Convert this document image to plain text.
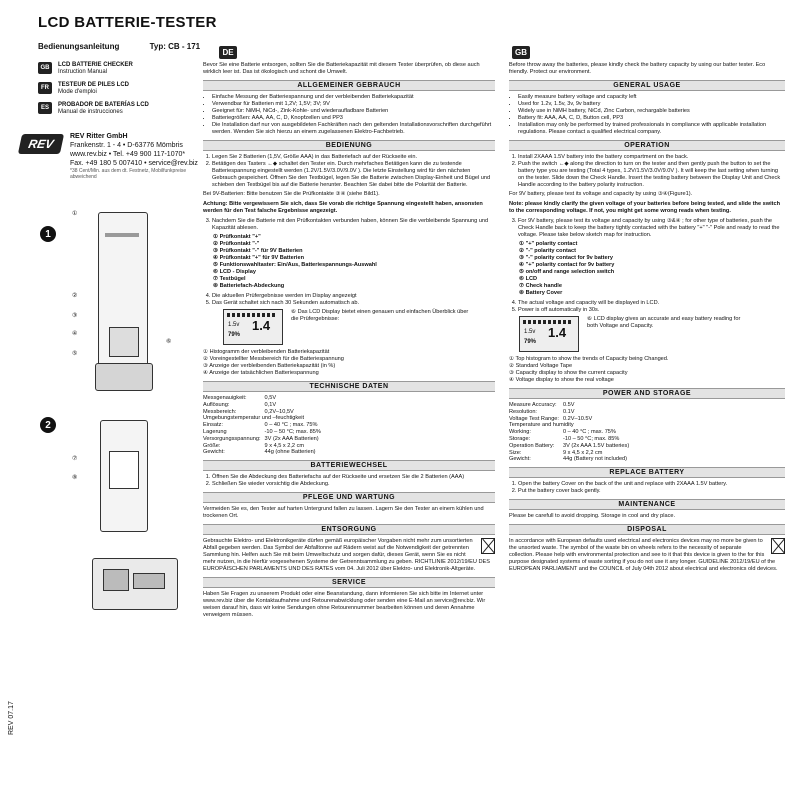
LCD BATTERIE-TESTER
Bedienungsanleitung	Typ: CB - 171
GB	LCD BATTERIE CHECKER
Instruction Manual
FR	TESTEUR DE PILES LCD
Mode d'emploi
ES	PROBADOR DE BATERÍAS LCD
Manual de instrucciones
REV
REV Ritter GmbH
Frankenstr. 1 - 4 • D-63776 Mömbris
www.rev.biz • Tel. +49 900 117-1070*
Fax. +49 180 5 007410 • service@rev.biz
*38 Cent/Min. aus dem dt. Festnetz, Mobilfunkpreise abweichend
1
①
②
③
④
⑤
⑥
2
⑦
⑧
REV 07.17
DE

Bevor Sie eine Batterie entsorgen, sollten Sie die Batteriekapazität mit diesem Tester überprüfen, ob diese auch wirklich leer ist. Das ist ökologisch und schont die Umwelt.

ALLGEMEINER GEBRAUCH
• Einfache Messung der Batteriespannung und der verbleibenden Batteriekapazität
• Verwendbar für Batterien mit 1,2V; 1,5V; 3V; 9V
• Geeignet für: NiMH, NiCd-, Zink-Kohle- und wiederaufladbare Batterien
• Batteriegrößen: AAA, AA, C, D, Knopfzellen und PP3
• Die Installation darf nur von ausgebildeten Fachkräften nach den geltenden Installationsvorschriften durchgeführt werden. Wenden Sie sich hierzu an einem zugelassenen Elektro-Fachbetrieb.
BEDIENUNG
1. Legen Sie 2 Batterien (1,5V, Größe AAA) in das Batteriefach auf der Rückseite ein.
2. Betätigen des Tasters ←◆ schaltet den Tester ein. Durch mehrfaches Betätigen kann die zu testende Batteriespannung eingestellt werden (1.2V/1.5V/3.0V/9.0V ). Die letzte Einstellung wird für den nächsten Gebrauch gespeichert. Öffnen Sie den Testbügel, legen Sie die Batterie zwischen Display-Einheit und Bügel und schieben den Testbügel bis auf die Batterie herunter. Beachten Sie dabei bitte die Polarität der Batterie.

Bei 9V-Batterien: Bitte benutzen Sie die Prüfkontakte ③④ (siehe Bild1).

Achtung: Bitte vergewissern Sie sich, dass Sie vorab die richtige Spannung eingestellt haben, ansonsten werden für den Test falsche Ergebnisse angezeigt.

3. Nachdem Sie die Batterie mit den Prüfkontakten verbunden haben, können Sie die verbleibende Spannung und Kapazität ablesen.
① Prüfkontakt "+"
② Prüfkontakt "-"
③ Prüfkontakt "-" für 9V Batterien
④ Prüfkontakt "+" für 9V Batterien
⑤ Funktionswahltaster: Ein/Aus, Batteriespannungs-Auswahl
⑥ LCD - Display
⑦ Testbügel
⑧ Batteriefach-Abdeckung
4. Die aktuellen Prüfergebnisse werden im Display angezeigt
5. Das Gerät schaltet sich nach 30 Sekunden automatisch ab.
1.5v
79%
1.4
⑥ Das LCD Display bietet einen genauen und einfachen Überblick über die Prüfergebnisse:
① Histogramm der verbleibenden Batteriekapazität
② Voreingestellter Messbereich für die Batteriespannung
③ Anzeige der verbleibenden Batteriekapazität (in %)
④ Anzeige der tatsächlichen Batteriespannung
TECHNISCHE DATEN
Messgenauigkeit:	0,5V
Auflösung:	0,1V
Messbereich:	0,2V–10,5V
Umgebungstemperatur und –feuchtigkeit	
Einsatz:	0 – 40 °C ; max. 75%
Lagerung	-10 – 50 °C; max. 85%
Versorgungsspannung:	3V (2x AAA Batterien)
Größe:	9 x 4,5 x 2,2 cm
Gewicht:	44g (ohne Batterien)
BATTERIEWECHSEL
1. Öffnen Sie die Abdeckung des Batteriefachs auf der Rückseite und ersetzen Sie die 2 Batterien (AAA)
2. Schließen Sie wieder vorsichtig die Abdeckung.
PFLEGE UND WARTUNG

Vermeiden Sie es, den Tester auf harten Untergrund fallen zu lassen. Lagern Sie den Tester an einem kühlen und trockenen Ort.

ENTSORGUNG

Gebrauchte Elektro- und Elektronikgeräte dürfen gemäß europäischer Vorgaben nicht mehr zum unsortierten Abfall gegeben werden. Das Symbol der Abfalltonne auf Rädern weist auf die Notwendigkeit der getrennten Sammlung hin. Helfen auch Sie mit beim Umweltschutz und sorgen dafür, dieses Gerät, wenn Sie es nicht mehr nutzen, in die hierfür vorgesehenen Systeme der Getrenntsammlung zu geben. RICHTLINIE 2012/19/EU DES EUROPÄISCHEN PARLAMENTS UND DES RATES vom 04. Juli 2012 über Elektro- und Elektronik-Altgeräte.

SERVICE

Haben Sie Fragen zu unserem Produkt oder eine Beanstandung, dann informieren Sie sich bitte im Internet unter www.rev.biz über die Kontaktaufnahme und Retourenabwicklung oder senden eine E-Mail an service@rev.biz. Wir weisen darauf hin, dass wir keine Sendungen ohne Retourennummer bearbeiten können und deren Annahme verweigern müssen.

GB

Before throw away the batteries, please kindly check the battery capacity by using our batter tester. Eco friendly. Protect our environment.

GENERAL USAGE
• Easily measure battery voltage and capacity left
• Used for 1.2v, 1.5v, 3v, 9v battery
• Widely use in NiMH battery, NiCd, Zinc Carbon, rechargable batteries
• Battery fit: AAA, AA, C, D, Button cell, PP3
• Installation may only be performed by trained professionals in compliance with applicable installation regulations. Please contact a qualified electrical company.
OPERATION
1. Install 2XAAA 1.5V battery into the battery compartment on the back.
2. Push the switch ←◆ along the direction to turn on the tester and then gently push the button to set the battery type you are testing (Total 4 types, 1.2V/1.5V/3.0V/9.0V ). It will keep the last setting when turning on the tester. Slide down the Check Handle. Insert the testing battery between the Display Unit and Check Handle according to the battery polarity instruction.

For 9V battery, please test its voltage and capacity by using ③④(Figure1).

Note: please kindly clarify the given voltage of your batteries before being tested, and slide the switch to the corresponding voltage. If not, you might get some wrong reads when testing.

3. For 9V battery, please test its voltage and capacity by using ③&④ ; for other type of batteries, push the Check Handle back to keep the battery tightly contacted with the battery "+" "-" Pole and ready to read the voltage. Please take below sketch map for instruction.
① "+" polarity contact
② "-" polarity contact
③ "-" polarity contact for 9v battery
④ "+" polarity contact for 9v battery
⑤ on/off and range selection switch
⑥ LCD
⑦ Check handle
⑧ Battery Cover
4. The actual voltage and capacity will be displayed in LCD.
5. Power is off automatically in 30s.
1.5v
79%
1.4
⑥ LCD display gives an accurate and easy battery reading for both Voltage and Capacity.
① Top histogram to show the trends of Capacity being Changed.
② Standard Voltage Tape
③ Capacity display to show the current capacity
④ Voltage display to show the real voltage
POWER AND STORAGE
Measure Accuracy:	0.5V
Resolution:	0.1V
Voltage Test Range:	0.2V–10.5V
Temperature and humidity	
Working:	0 – 40 °C ; max. 75%
Storage:	-10 – 50 °C; max. 85%
Operation Battery:	3V (2x AAA 1.5V batteries)
Size:	9 x 4,5 x 2,2 cm
Gewicht:	44g (Battery not included)
REPLACE BATTERY
1. Open the battery Cover on the back of the unit and replace with 2XAAA 1.5V battery.
2. Put the battery cover back gently.
MAINTENANCE

Please be carefull to avoid dropping. Storage in cool and dry place.

DISPOSAL

In accordance with European defaults used electrical and electronics devices may no more be given to the unsorted waste. The symbol of the waste bin on wheels refers to the necessity of separate collection. Please help with environmental protection and see to it that this device is given to the for this purpose designated systems of waste sorting if you do not use it any longer. GUIDELINE 2012/19/EU of the EUROPEAN PARLIAMENT and the COUNCIL of July 04th 2012 about electrical and electronics old devices.
